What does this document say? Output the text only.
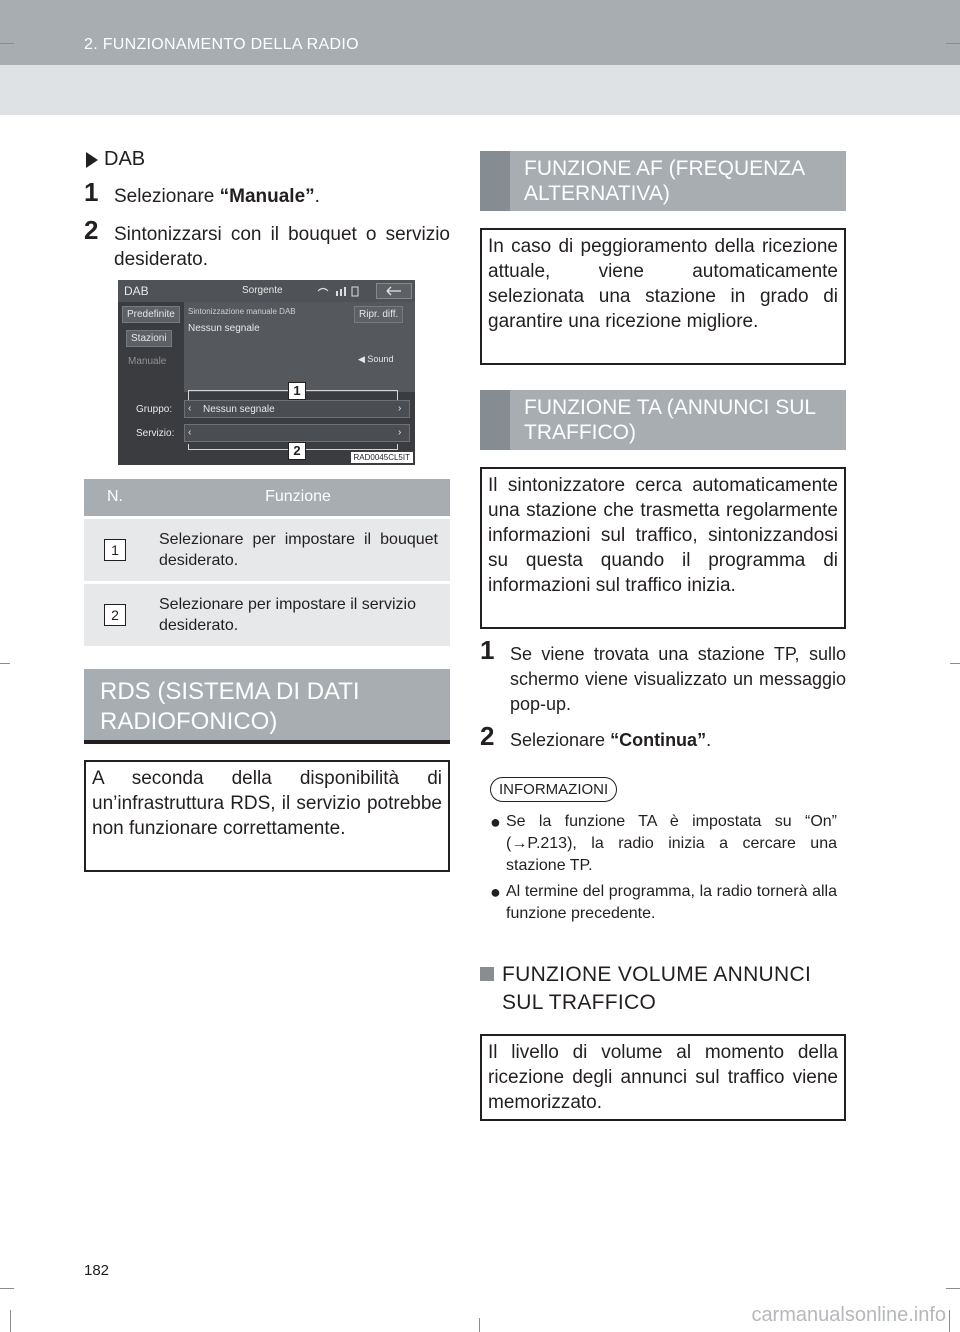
2. FUNZIONAMENTO DELLA RADIO
DAB
1 Selezionare “Manuale”.
2 Sintonizzarsi con il bouquet o servizio desiderato.
DAB	Sorgente
Predefinite
Stazioni
Manuale
Sintonizzazione manuale DAB
Nessun segnale
Ripr. diff.
◀ Sound
1
Gruppo: ‹ Nessun segnale	›
Servizio: ‹	›
2	RAD0045CL5IT
N.	Funzione
1	Selezionare per impostare il bouquet desiderato.
2	Selezionare per impostare il servizio desiderato.
RDS (SISTEMA DI DATI RADIOFONICO)
A seconda della disponibilità di un’infrastruttura RDS, il servizio potrebbe non funzionare correttamente.
FUNZIONE AF (FREQUENZA ALTERNATIVA)
In caso di peggioramento della ricezione attuale, viene automaticamente selezionata una stazione in grado di garantire una ricezione migliore.
FUNZIONE TA (ANNUNCI SUL TRAFFICO)
Il sintonizzatore cerca automaticamente una stazione che trasmetta regolarmente informazioni sul traffico, sintonizzandosi su questa quando il programma di informazioni sul traffico inizia.
1 Se viene trovata una stazione TP, sullo schermo viene visualizzato un messaggio pop-up.
2 Selezionare “Continua”.
INFORMAZIONI
● Se la funzione TA è impostata su “On” (→P.213), la radio inizia a cercare una stazione TP.
● Al termine del programma, la radio tornerà alla funzione precedente.
FUNZIONE VOLUME ANNUNCI SUL TRAFFICO
Il livello di volume al momento della ricezione degli annunci sul traffico viene memorizzato.
182
carmanualsonline.info
